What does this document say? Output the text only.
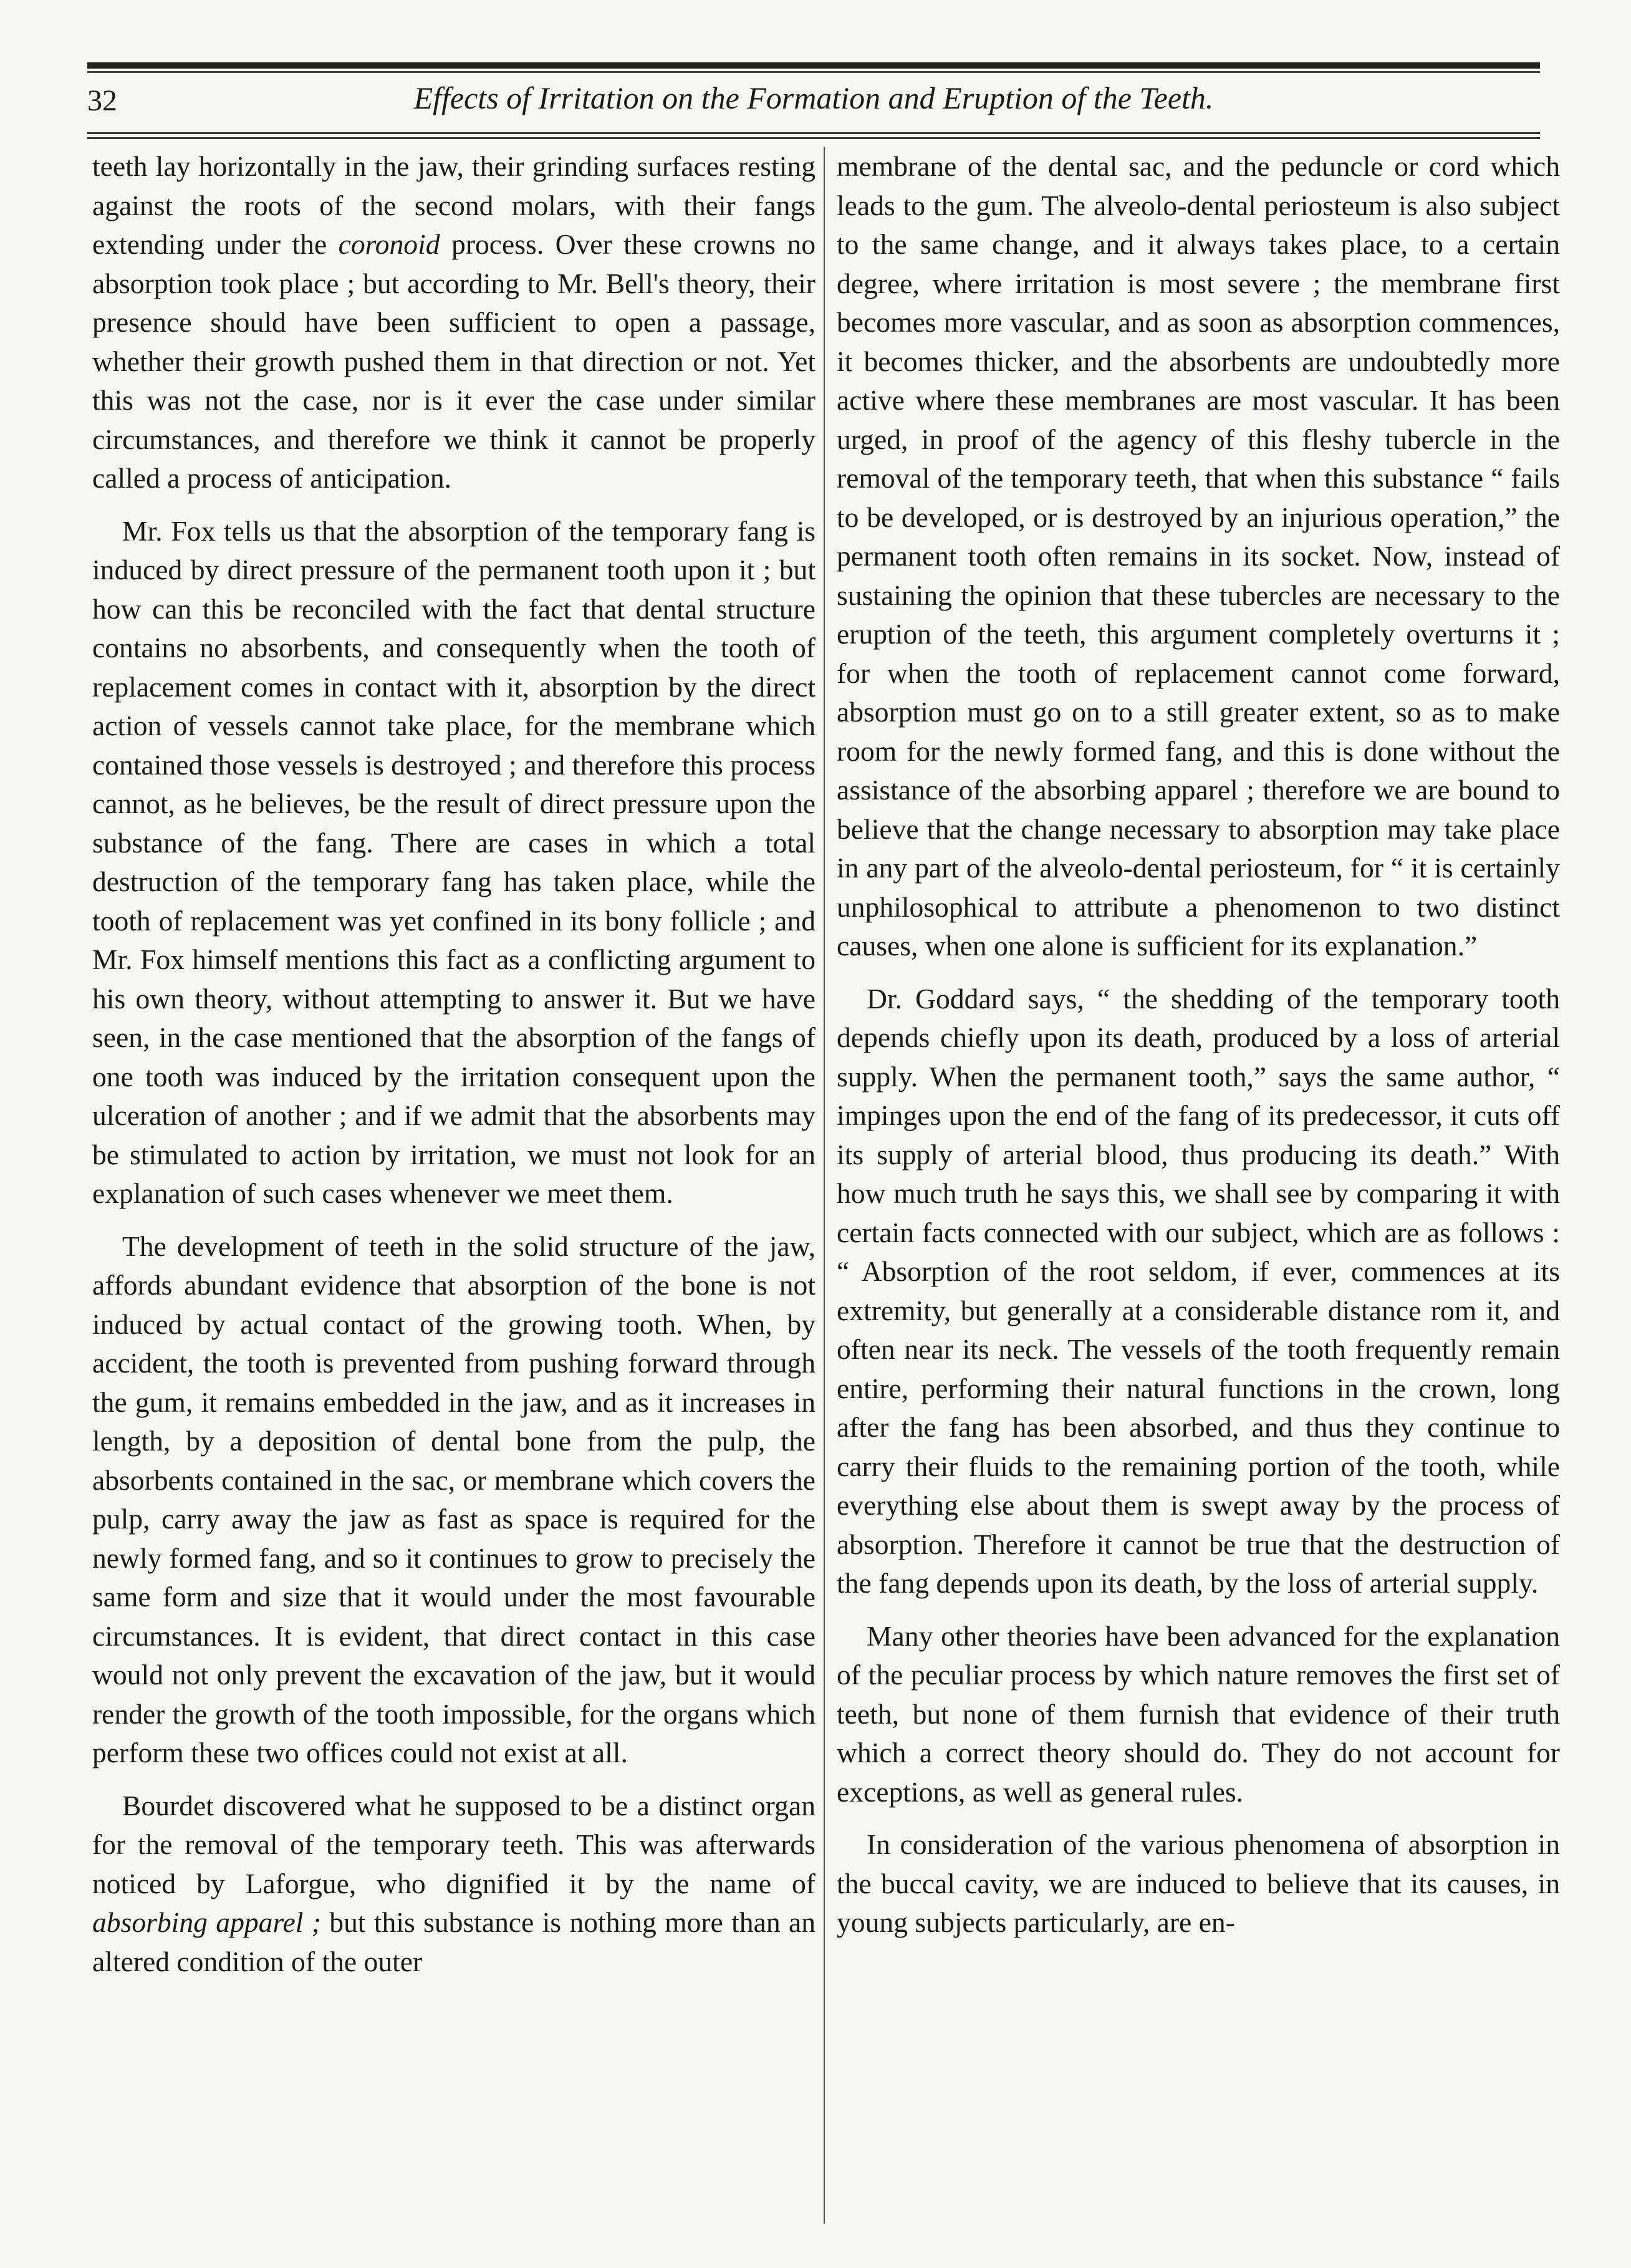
32	Effects of Irritation on the Formation and Eruption of the Teeth.

teeth lay horizontally in the jaw, their grinding surfaces resting against the roots of the second molars, with their fangs extending under the coronoid process. Over these crowns no absorption took place ; but according to Mr. Bell's theory, their presence should have been sufficient to open a passage, whether their growth pushed them in that direction or not. Yet this was not the case, nor is it ever the case under similar circumstances, and therefore we think it cannot be properly called a process of anticipation.

Mr. Fox tells us that the absorption of the temporary fang is induced by direct pressure of the permanent tooth upon it ; but how can this be reconciled with the fact that dental structure contains no absorbents, and consequently when the tooth of replacement comes in contact with it, absorption by the direct action of vessels cannot take place, for the membrane which contained those vessels is destroyed ; and therefore this process cannot, as he believes, be the result of direct pressure upon the substance of the fang. There are cases in which a total destruction of the temporary fang has taken place, while the tooth of replacement was yet confined in its bony follicle ; and Mr. Fox himself mentions this fact as a conflicting argument to his own theory, without attempting to answer it. But we have seen, in the case mentioned that the absorption of the fangs of one tooth was induced by the irritation consequent upon the ulceration of another ; and if we admit that the absorbents may be stimulated to action by irritation, we must not look for an explanation of such cases whenever we meet them.

The development of teeth in the solid structure of the jaw, affords abundant evidence that absorption of the bone is not induced by actual contact of the growing tooth. When, by accident, the tooth is prevented from pushing forward through the gum, it remains embedded in the jaw, and as it increases in length, by a deposition of dental bone from the pulp, the absorbents contained in the sac, or membrane which covers the pulp, carry away the jaw as fast as space is required for the newly formed fang, and so it continues to grow to precisely the same form and size that it would under the most favourable circumstances. It is evident, that direct contact in this case would not only prevent the excavation of the jaw, but it would render the growth of the tooth impossible, for the organs which perform these two offices could not exist at all.

Bourdet discovered what he supposed to be a distinct organ for the removal of the temporary teeth. This was afterwards noticed by Laforgue, who dignified it by the name of absorbing apparel ; but this substance is nothing more than an altered condition of the outer

membrane of the dental sac, and the peduncle or cord which leads to the gum. The alveolo-dental periosteum is also subject to the same change, and it always takes place, to a certain degree, where irritation is most severe ; the membrane first becomes more vascular, and as soon as absorption commences, it becomes thicker, and the absorbents are undoubtedly more active where these membranes are most vascular. It has been urged, in proof of the agency of this fleshy tubercle in the removal of the temporary teeth, that when this substance “ fails to be developed, or is destroyed by an injurious operation,” the permanent tooth often remains in its socket. Now, instead of sustaining the opinion that these tubercles are necessary to the eruption of the teeth, this argument completely overturns it ; for when the tooth of replacement cannot come forward, absorption must go on to a still greater extent, so as to make room for the newly formed fang, and this is done without the assistance of the absorbing apparel ; therefore we are bound to believe that the change necessary to absorption may take place in any part of the alveolo-dental periosteum, for “ it is certainly unphilosophical to attribute a phenomenon to two distinct causes, when one alone is sufficient for its explanation.”

Dr. Goddard says, “ the shedding of the temporary tooth depends chiefly upon its death, produced by a loss of arterial supply. When the permanent tooth,” says the same author, “ impinges upon the end of the fang of its predecessor, it cuts off its supply of arterial blood, thus producing its death.” With how much truth he says this, we shall see by comparing it with certain facts connected with our subject, which are as follows : “ Absorption of the root seldom, if ever, commences at its extremity, but generally at a considerable distance rom it, and often near its neck. The vessels of the tooth frequently remain entire, performing their natural functions in the crown, long after the fang has been absorbed, and thus they continue to carry their fluids to the remaining portion of the tooth, while everything else about them is swept away by the process of absorption. Therefore it cannot be true that the destruction of the fang depends upon its death, by the loss of arterial supply.

Many other theories have been advanced for the explanation of the peculiar process by which nature removes the first set of teeth, but none of them furnish that evidence of their truth which a correct theory should do. They do not account for exceptions, as well as general rules.

In consideration of the various phenomena of absorption in the buccal cavity, we are induced to believe that its causes, in young subjects particularly, are en-
